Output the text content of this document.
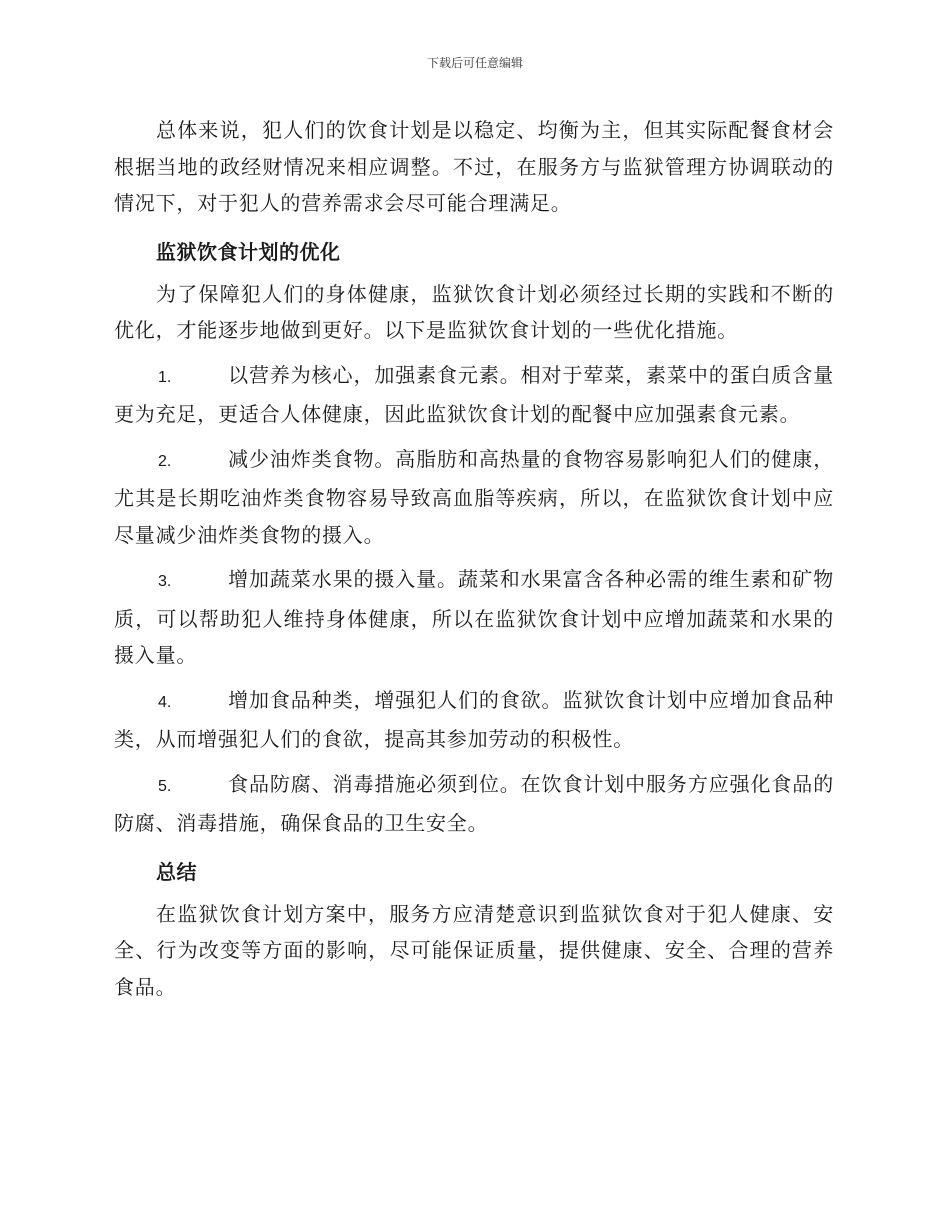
下载后可任意编辑

总体来说，犯人们的饮食计划是以稳定、均衡为主，但其实际配餐食材会根据当地的政经财情况来相应调整。不过，在服务方与监狱管理方协调联动的情况下，对于犯人的营养需求会尽可能合理满足。

监狱饮食计划的优化

为了保障犯人们的身体健康，监狱饮食计划必须经过长期的实践和不断的优化，才能逐步地做到更好。以下是监狱饮食计划的一些优化措施。

1.	以营养为核心，加强素食元素。相对于荤菜，素菜中的蛋白质含量更为充足，更适合人体健康，因此监狱饮食计划的配餐中应加强素食元素。

2.	减少油炸类食物。高脂肪和高热量的食物容易影响犯人们的健康，尤其是长期吃油炸类食物容易导致高血脂等疾病，所以，在监狱饮食计划中应尽量减少油炸类食物的摄入。

3.	增加蔬菜水果的摄入量。蔬菜和水果富含各种必需的维生素和矿物质，可以帮助犯人维持身体健康，所以在监狱饮食计划中应增加蔬菜和水果的摄入量。

4.	增加食品种类，增强犯人们的食欲。监狱饮食计划中应增加食品种类，从而增强犯人们的食欲，提高其参加劳动的积极性。

5.	食品防腐、消毒措施必须到位。在饮食计划中服务方应强化食品的防腐、消毒措施，确保食品的卫生安全。

总结

在监狱饮食计划方案中，服务方应清楚意识到监狱饮食对于犯人健康、安全、行为改变等方面的影响，尽可能保证质量，提供健康、安全、合理的营养食品。
